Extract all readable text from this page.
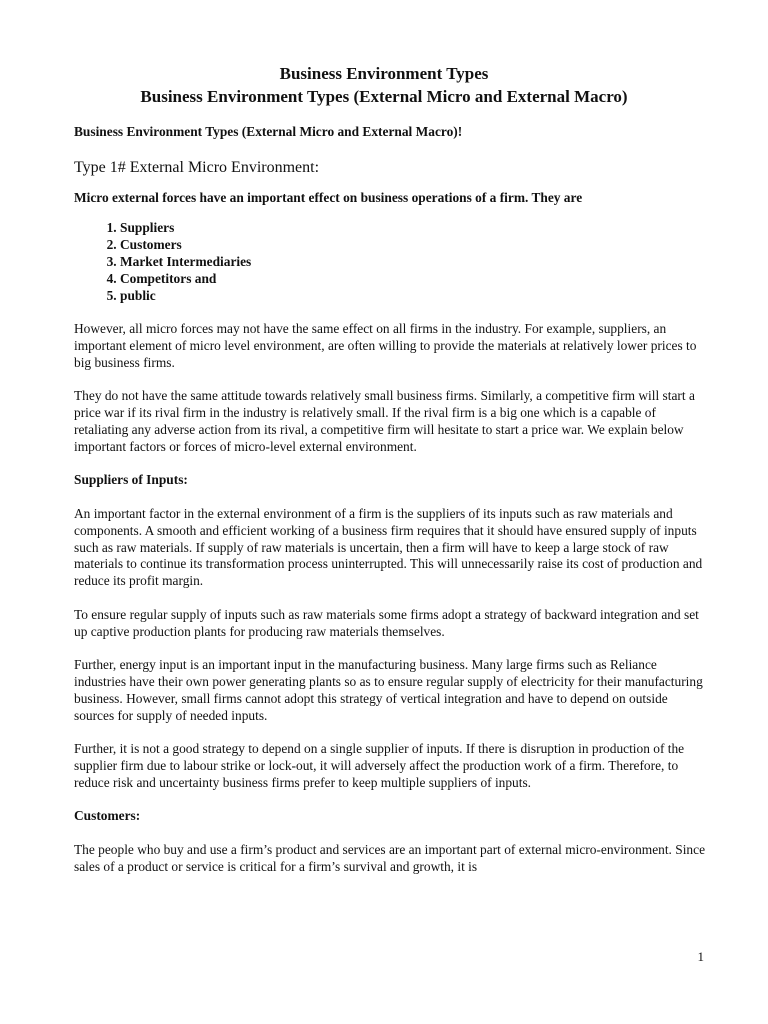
Business Environment Types
Business Environment Types (External Micro and External Macro)

Business Environment Types (External Micro and External Macro)!

Type 1# External Micro Environment:

Micro external forces have an important effect on business operations of a firm. They are

1. Suppliers
2. Customers
3. Market Intermediaries
4. Competitors and
5. public

However, all micro forces may not have the same effect on all firms in the industry. For example, suppliers, an important element of micro level environment, are often willing to provide the materials at relatively lower prices to big business firms.

They do not have the same attitude towards relatively small business firms. Similarly, a competitive firm will start a price war if its rival firm in the industry is relatively small. If the rival firm is a big one which is a capable of retaliating any adverse action from its rival, a competitive firm will hesitate to start a price war. We explain below important factors or forces of micro-level external environment.

Suppliers of Inputs:

An important factor in the external environment of a firm is the suppliers of its inputs such as raw materials and components. A smooth and efficient working of a business firm requires that it should have ensured supply of inputs such as raw materials. If supply of raw materials is uncertain, then a firm will have to keep a large stock of raw materials to continue its transformation process uninterrupted. This will unnecessarily raise its cost of production and reduce its profit margin.

To ensure regular supply of inputs such as raw materials some firms adopt a strategy of backward integration and set up captive production plants for producing raw materials themselves.

Further, energy input is an important input in the manufacturing business. Many large firms such as Reliance industries have their own power generating plants so as to ensure regular supply of electricity for their manufacturing business. However, small firms cannot adopt this strategy of vertical integration and have to depend on outside sources for supply of needed inputs.

Further, it is not a good strategy to depend on a single supplier of inputs. If there is disruption in production of the supplier firm due to labour strike or lock-out, it will adversely affect the production work of a firm. Therefore, to reduce risk and uncertainty business firms prefer to keep multiple suppliers of inputs.

Customers:

The people who buy and use a firm’s product and services are an important part of external micro-environment. Since sales of a product or service is critical for a firm’s survival and growth, it is

1
